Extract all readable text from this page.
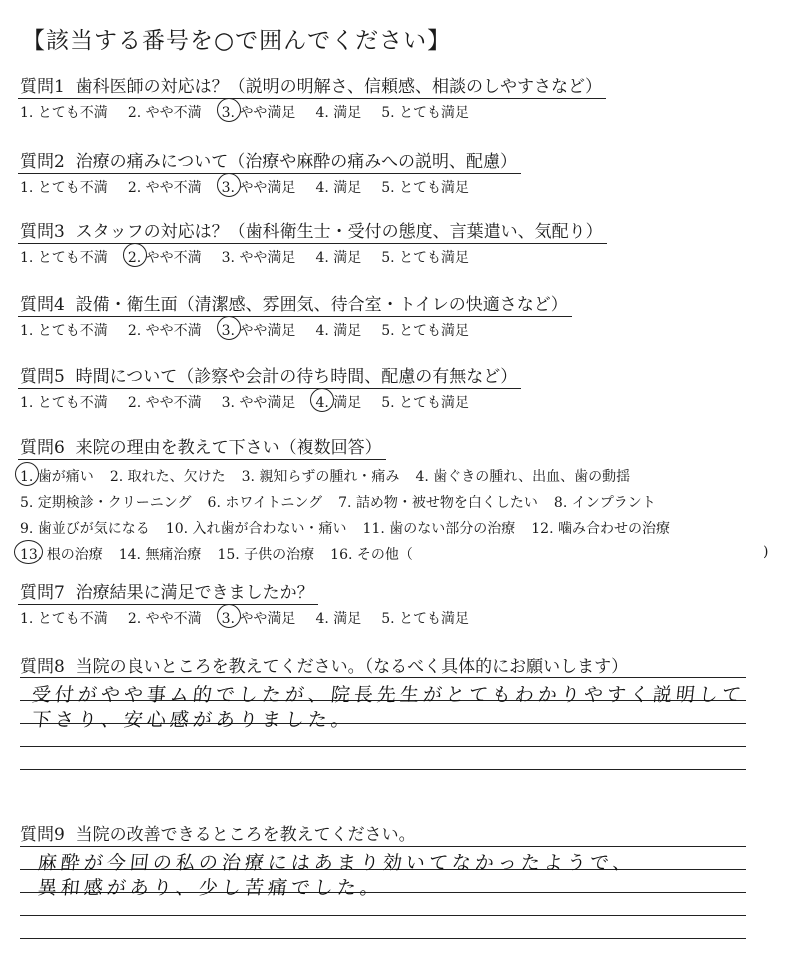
【該当する番号を○で囲んでください】
質問1 歯科医師の対応は？（説明の明解さ、信頼感、相談のしやすさなど）
1. とても不満 2. やや不満 3. やや満足 4. 満足 5. とても満足
質問2 治療の痛みについて（治療や麻酔の痛みへの説明、配慮）
1. とても不満 2. やや不満 3. やや満足 4. 満足 5. とても満足
質問3 スタッフの対応は？（歯科衛生士・受付の態度、言葉遣い、気配り）
1. とても不満 2. やや不満 3. やや満足 4. 満足 5. とても満足
質問4 設備・衛生面（清潔感、雰囲気、待合室・トイレの快適さなど）
1. とても不満 2. やや不満 3. やや満足 4. 満足 5. とても満足
質問5 時間について（診察や会計の待ち時間、配慮の有無など）
1. とても不満 2. やや不満 3. やや満足 4. 満足 5. とても満足
質問6 来院の理由を教えて下さい（複数回答）
1. 歯が痛い 2. 取れた、欠けた 3. 親知らずの腫れ・痛み 4. 歯ぐきの腫れ、出血、歯の動揺
5. 定期検診・クリーニング 6. ホワイトニング 7. 詰め物・被せ物を白くしたい 8. インプラント
9. 歯並びが気になる 10. 入れ歯が合わない・痛い 11. 歯のない部分の治療 12. 噛み合わせの治療
13. 根の治療 14. 無痛治療 15. 子供の治療 16. その他（	)
質問7 治療結果に満足できましたか？
1. とても不満 2. やや不満 3. やや満足 4. 満足 5. とても満足
質問8 当院の良いところを教えてください。（なるべく具体的にお願いします）
受付がやや事ム的でしたが、院長先生がとてもわかりやすく説明して
下さり、安心感がありました。
質問9 当院の改善できるところを教えてください。
麻酔が今回の私の治療にはあまり効いてなかったようで、
異和感があり、少し苦痛でした。
